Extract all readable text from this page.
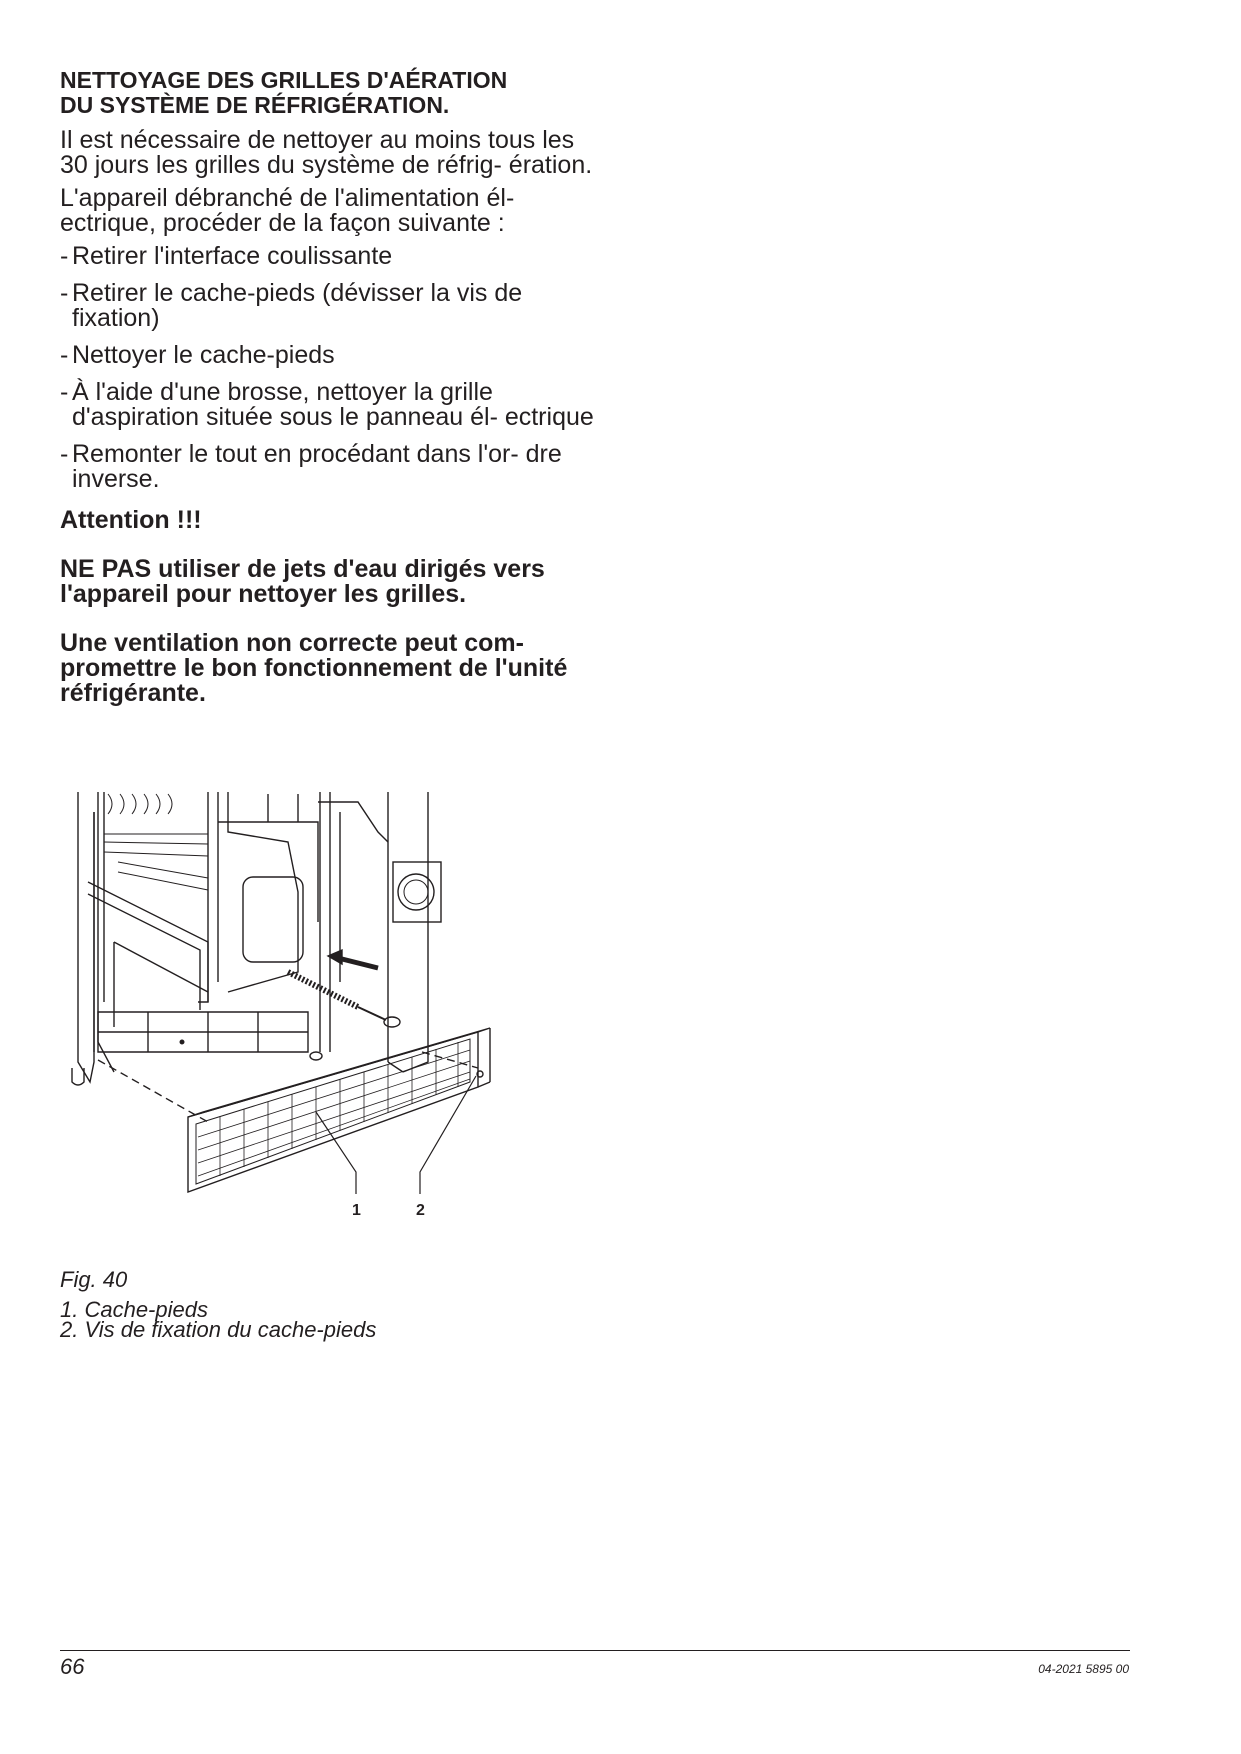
NETTOYAGE DES GRILLES D'AÉRATION
DU SYSTÈME DE RÉFRIGÉRATION.

Il est nécessaire de nettoyer au moins tous les 30 jours les grilles du système de réfrig- ération.

L'appareil débranché de l'alimentation él- ectrique, procéder de la façon suivante :

- Retirer l'interface coulissante
- Retirer le cache-pieds (dévisser la vis de fixation)
- Nettoyer le cache-pieds
- À l'aide d'une brosse, nettoyer la grille d'aspiration située sous le panneau él- ectrique
- Remonter le tout en procédant dans l'or- dre inverse.

Attention !!!

NE PAS utiliser de jets d'eau dirigés vers l'appareil pour nettoyer les grilles.

Une ventilation non correcte peut com- promettre le bon fonctionnement de l'unité réfrigérante.

1	2
Fig. 40
1. Cache-pieds
2. Vis de fixation du cache-pieds
66	04-2021 5895 00
